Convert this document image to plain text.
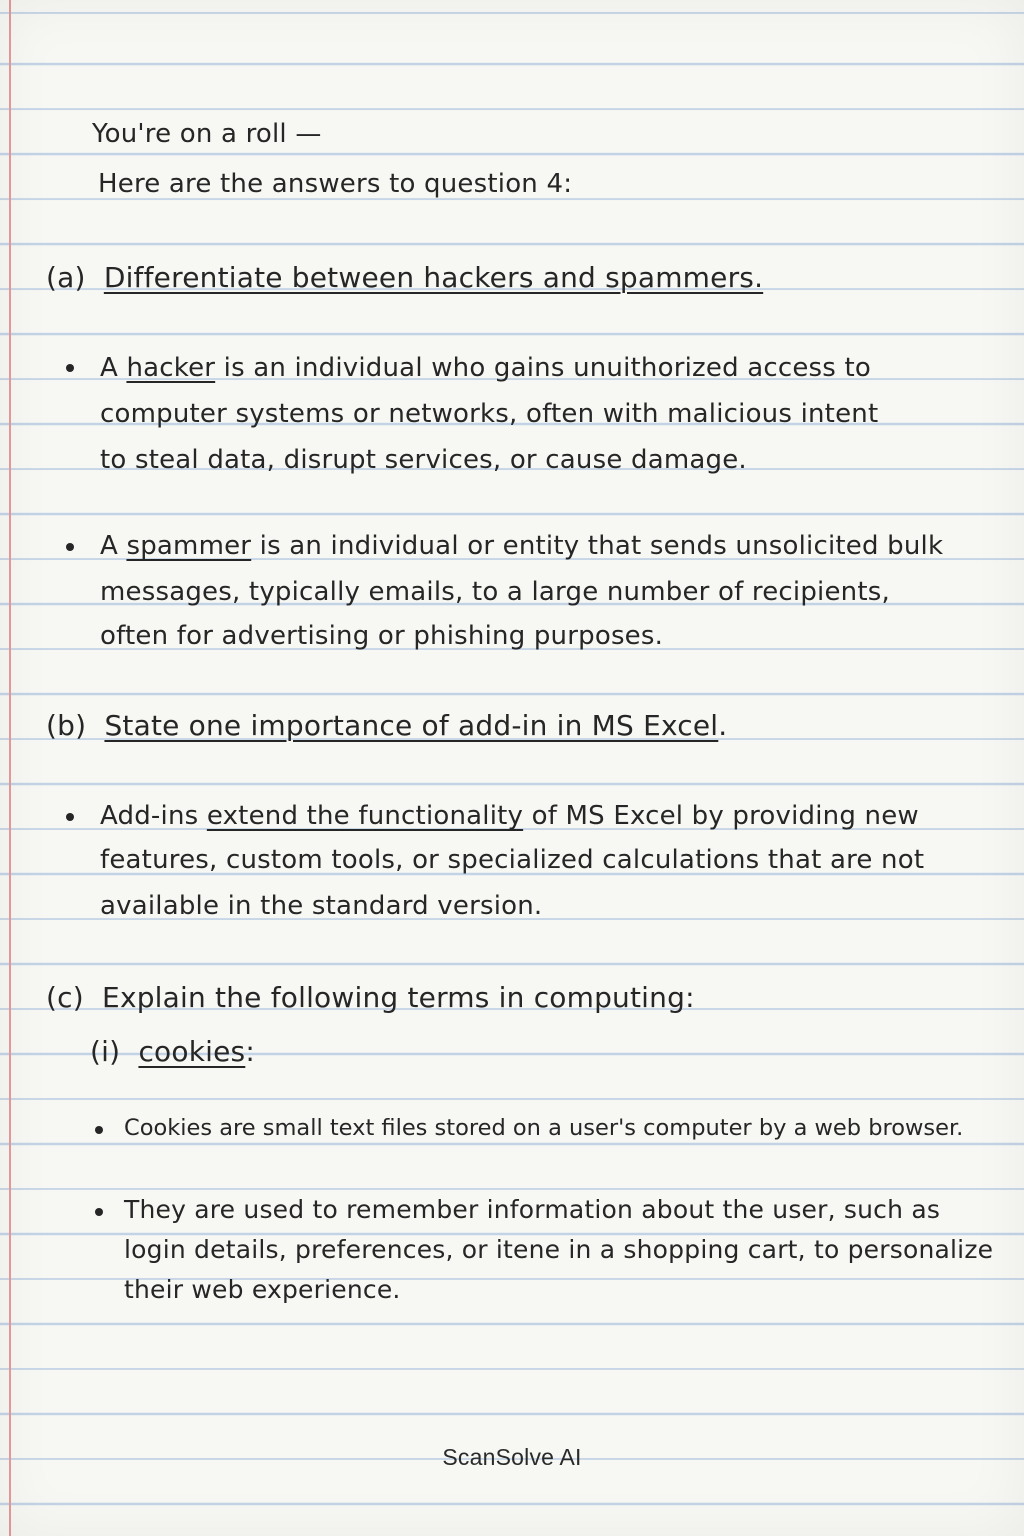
You're on a roll —

Here are the answers to question 4:

(a) Differentiate between hackers and spammers.

A hacker is an individual who gains unuithorized access to

computer systems or networks, often with malicious intent

to steal data, disrupt services, or cause damage.

A spammer is an individual or entity that sends unsolicited bulk

messages, typically emails, to a large number of recipients,

often for advertising or phishing purposes.

(b) State one importance of add-in in MS Excel.

Add-ins extend the functionality of MS Excel by providing new

features, custom tools, or specialized calculations that are not

available in the standard version.

(c) Explain the following terms in computing:

(i) cookies:

Cookies are small text files stored on a user's computer by a web browser.

They are used to remember information about the user, such as

login details, preferences, or itene in a shopping cart, to personalize

their web experience.

ScanSolve AI
